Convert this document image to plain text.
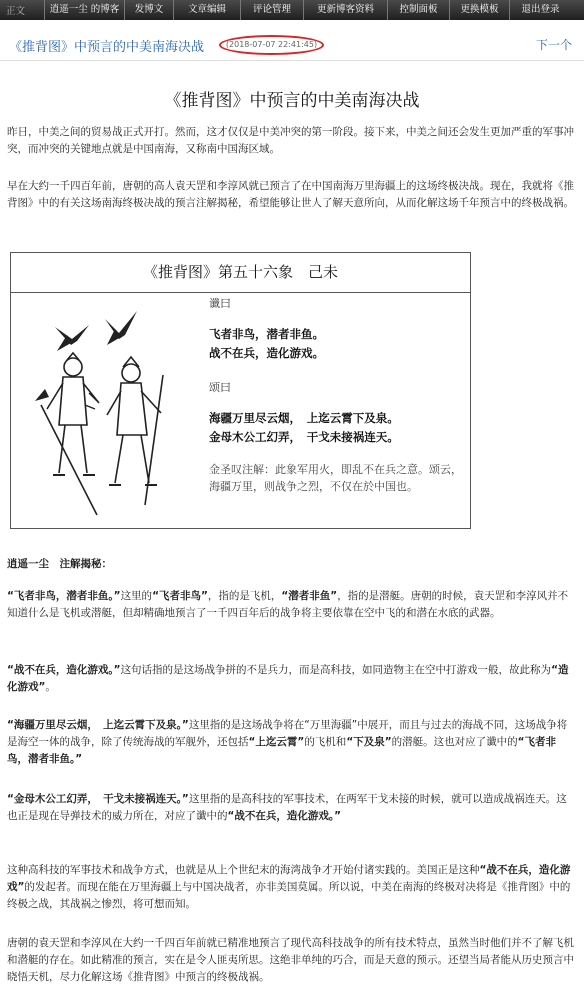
正文	逍遥一尘 的博客	发博文	文章编辑	评论管理	更新博客资料	控制面板	更换模板	退出登录
《推背图》中预言的中美南海决战	(2018-07-07 22:41:45)	下一个
《推背图》中预言的中美南海决战
昨日，中美之间的贸易战正式开打。然而，这才仅仅是中美冲突的第一阶段。接下来，中美之间还会发生更加严重的军事冲突，而冲突的关键地点就是中国南海，又称南中国海区域。
早在大约一千四百年前，唐朝的高人袁天罡和李淳风就已预言了在中国南海万里海疆上的这场终极决战。现在，我就将《推背图》中的有关这场南海终极决战的预言注解揭秘，希望能够让世人了解天意所向，从而化解这场千年预言中的终极战祸。
《推背图》第五十六象　己未

谶曰

飞者非鸟，潜者非鱼。

战不在兵，造化游戏。

颂曰

海疆万里尽云烟，　上迄云霄下及泉。

金母木公工幻弄，　干戈未接祸连天。

金圣叹注解：此象军用火，即乱不在兵之意。颂云，海疆万里，则战争之烈，不仅在於中国也。

逍遥一尘　注解揭秘：
“飞者非鸟，潜者非鱼。”这里的“飞者非鸟”，指的是飞机，“潜者非鱼”，指的是潜艇。唐朝的时候，袁天罡和李淳风并不知道什么是飞机或潜艇，但却精确地预言了一千四百年后的战争将主要依靠在空中飞的和潜在水底的武器。
“战不在兵，造化游戏。”这句话指的是这场战争拼的不是兵力，而是高科技，如同造物主在空中打游戏一般，故此称为“造化游戏”。
“海疆万里尽云烟，　上迄云霄下及泉。”这里指的是这场战争将在“万里海疆”中展开，而且与过去的海战不同，这场战争将是海空一体的战争，除了传统海战的军舰外，还包括“上迄云霄”的飞机和“下及泉”的潜艇。这也对应了谶中的“飞者非鸟，潜者非鱼。”
“金母木公工幻弄，　干戈未接祸连天。”这里指的是高科技的军事技术，在两军干戈未接的时候，就可以造成战祸连天。这也正是现在导弹技术的威力所在，对应了谶中的“战不在兵，造化游戏。”
这种高科技的军事技术和战争方式，也就是从上个世纪末的海湾战争才开始付诸实践的。美国正是这种“战不在兵，造化游戏”的发起者。而现在能在万里海疆上与中国决战者，亦非美国莫属。所以说，中美在南海的终极对决将是《推背图》中的终极之战，其战祸之惨烈，将可想而知。
唐朝的袁天罡和李淳风在大约一千四百年前就已精准地预言了现代高科技战争的所有技术特点，虽然当时他们并不了解飞机和潜艇的存在。如此精准的预言，实在是令人匪夷所思。这绝非单纯的巧合，而是天意的预示。还望当局者能从历史预言中晓悟天机，尽力化解这场《推背图》中预言的终极战祸。
